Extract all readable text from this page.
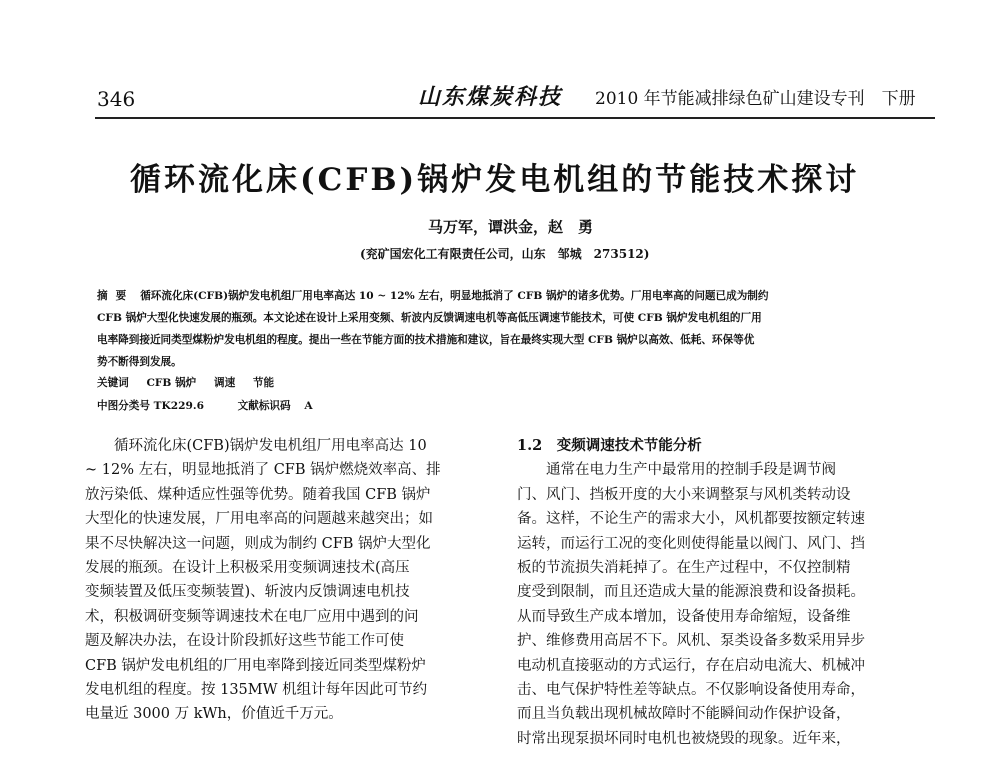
346	山东煤炭科技 2010 年节能减排绿色矿山建设专刊　下册
循环流化床(CFB)锅炉发电机组的节能技术探讨
马万军，谭洪金，赵　勇
(兖矿国宏化工有限责任公司，山东　邹城　273512)
摘要 循环流化床(CFB)锅炉发电机组厂用电率高达 10 ~ 12% 左右，明显地抵消了 CFB 锅炉的诸多优势。厂用电率高的问题已成为制约
CFB 锅炉大型化快速发展的瓶颈。本文论述在设计上采用变频、斩波内反馈调速电机等高低压调速节能技术，可使 CFB 锅炉发电机组的厂用
电率降到接近同类型煤粉炉发电机组的程度。提出一些在节能方面的技术措施和建议，旨在最终实现大型 CFB 锅炉以高效、低耗、环保等优
势不断得到发展。
关键词 CFB 锅炉 调速 节能
中图分类号 TK229.6	文献标识码 A
循环流化床(CFB)锅炉发电机组厂用电率高达 10
~ 12% 左右，明显地抵消了 CFB 锅炉燃烧效率高、排
放污染低、煤种适应性强等优势。随着我国 CFB 锅炉
大型化的快速发展，厂用电率高的问题越来越突出；如
果不尽快解决这一问题，则成为制约 CFB 锅炉大型化
发展的瓶颈。在设计上积极采用变频调速技术(高压
变频装置及低压变频装置)、斩波内反馈调速电机技
术，积极调研变频等调速技术在电厂应用中遇到的问
题及解决办法，在设计阶段抓好这些节能工作可使
CFB 锅炉发电机组的厂用电率降到接近同类型煤粉炉
发电机组的程度。按 135MW 机组计每年因此可节约
电量近 3000 万 kWh，价值近千万元。
1.2　变频调速技术节能分析
通常在电力生产中最常用的控制手段是调节阀
门、风门、挡板开度的大小来调整泵与风机类转动设
备。这样，不论生产的需求大小，风机都要按额定转速
运转，而运行工况的变化则使得能量以阀门、风门、挡
板的节流损失消耗掉了。在生产过程中，不仅控制精
度受到限制，而且还造成大量的能源浪费和设备损耗。
从而导致生产成本增加，设备使用寿命缩短，设备维
护、维修费用高居不下。风机、泵类设备多数采用异步
电动机直接驱动的方式运行，存在启动电流大、机械冲
击、电气保护特性差等缺点。不仅影响设备使用寿命，
而且当负载出现机械故障时不能瞬间动作保护设备，
时常出现泵损坏同时电机也被烧毁的现象。近年来，
